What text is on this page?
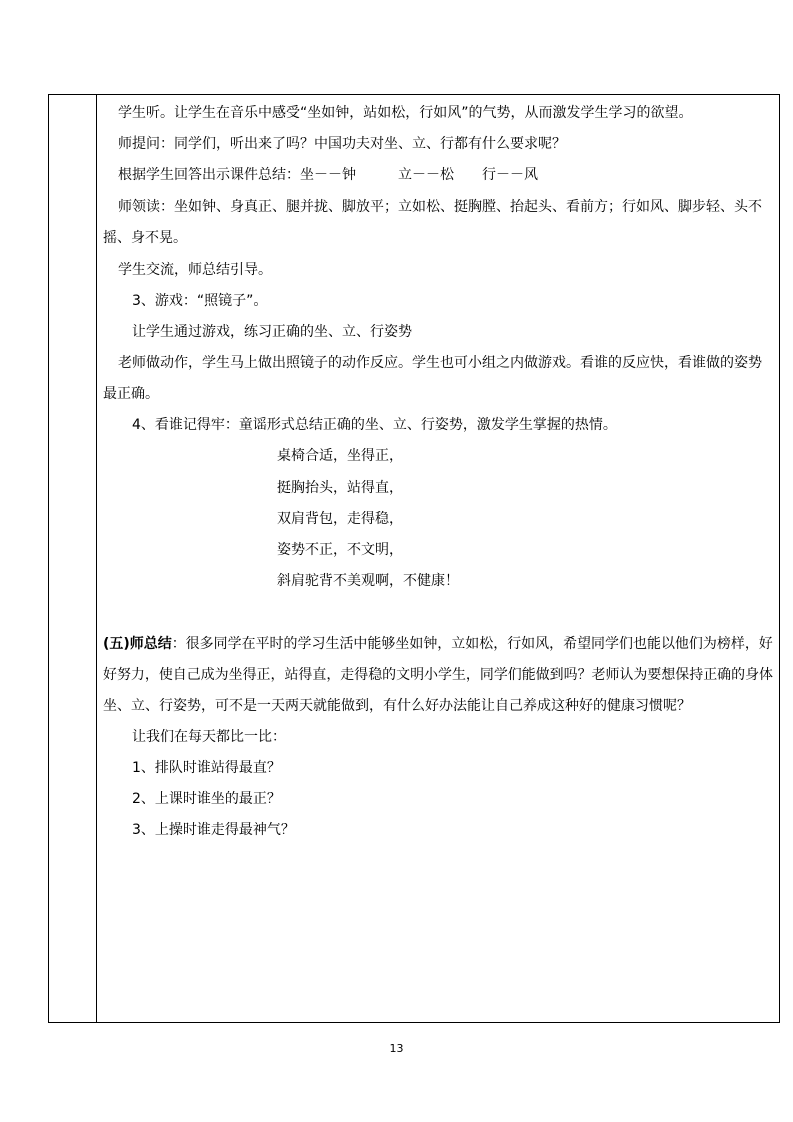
学生听。让学生在音乐中感受“坐如钟，站如松，行如风”的气势，从而激发学生学习的欲望。
师提问：同学们，听出来了吗？中国功夫对坐、立、行都有什么要求呢？
根据学生回答出示课件总结：坐－－钟　　　立－－松　　行－－风
师领读：坐如钟、身真正、腿并拢、脚放平；立如松、挺胸膛、抬起头、看前方；行如风、脚步轻、头不
摇、身不晃。
学生交流，师总结引导。
3、游戏：“照镜子”。
让学生通过游戏，练习正确的坐、立、行姿势
老师做动作，学生马上做出照镜子的动作反应。学生也可小组之内做游戏。看谁的反应快，看谁做的姿势
最正确。
4、看谁记得牢：童谣形式总结正确的坐、立、行姿势，激发学生掌握的热情。
桌椅合适，坐得正，
挺胸抬头，站得直，
双肩背包，走得稳，
姿势不正，不文明，
斜肩驼背不美观啊，不健康！
(五)师总结：很多同学在平时的学习生活中能够坐如钟，立如松，行如风，希望同学们也能以他们为榜样，好
好努力，使自己成为坐得正，站得直，走得稳的文明小学生，同学们能做到吗？老师认为要想保持正确的身体
坐、立、行姿势，可不是一天两天就能做到，有什么好办法能让自己养成这种好的健康习惯呢？
让我们在每天都比一比：
1、排队时谁站得最直？
2、上课时谁坐的最正？
3、上操时谁走得最神气？
13
